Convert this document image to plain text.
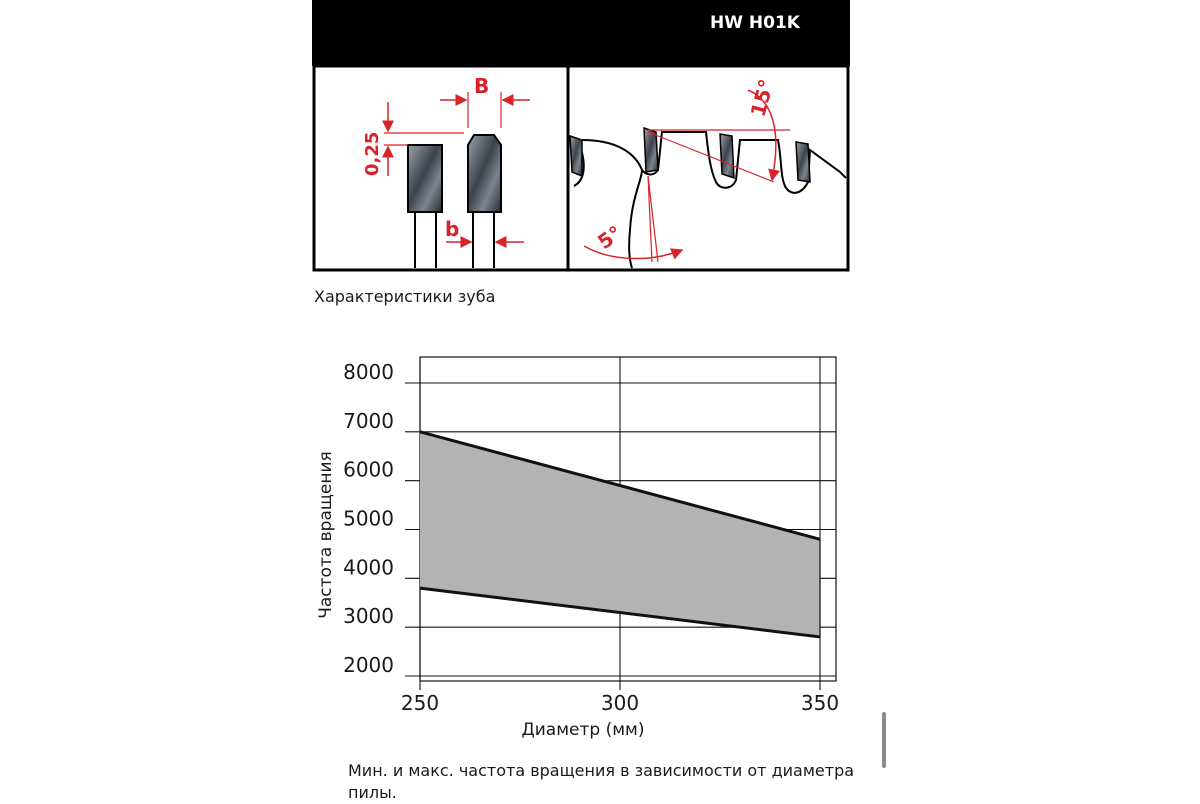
HW H01K
0,25
B
b
15°
5°
Характеристики зуба
2000
3000
4000
5000
6000
7000
8000
250	300	350
Диаметр (мм)
Частота вращения
Мин. и макс. частота вращения в зависимости от диаметра пилы.
